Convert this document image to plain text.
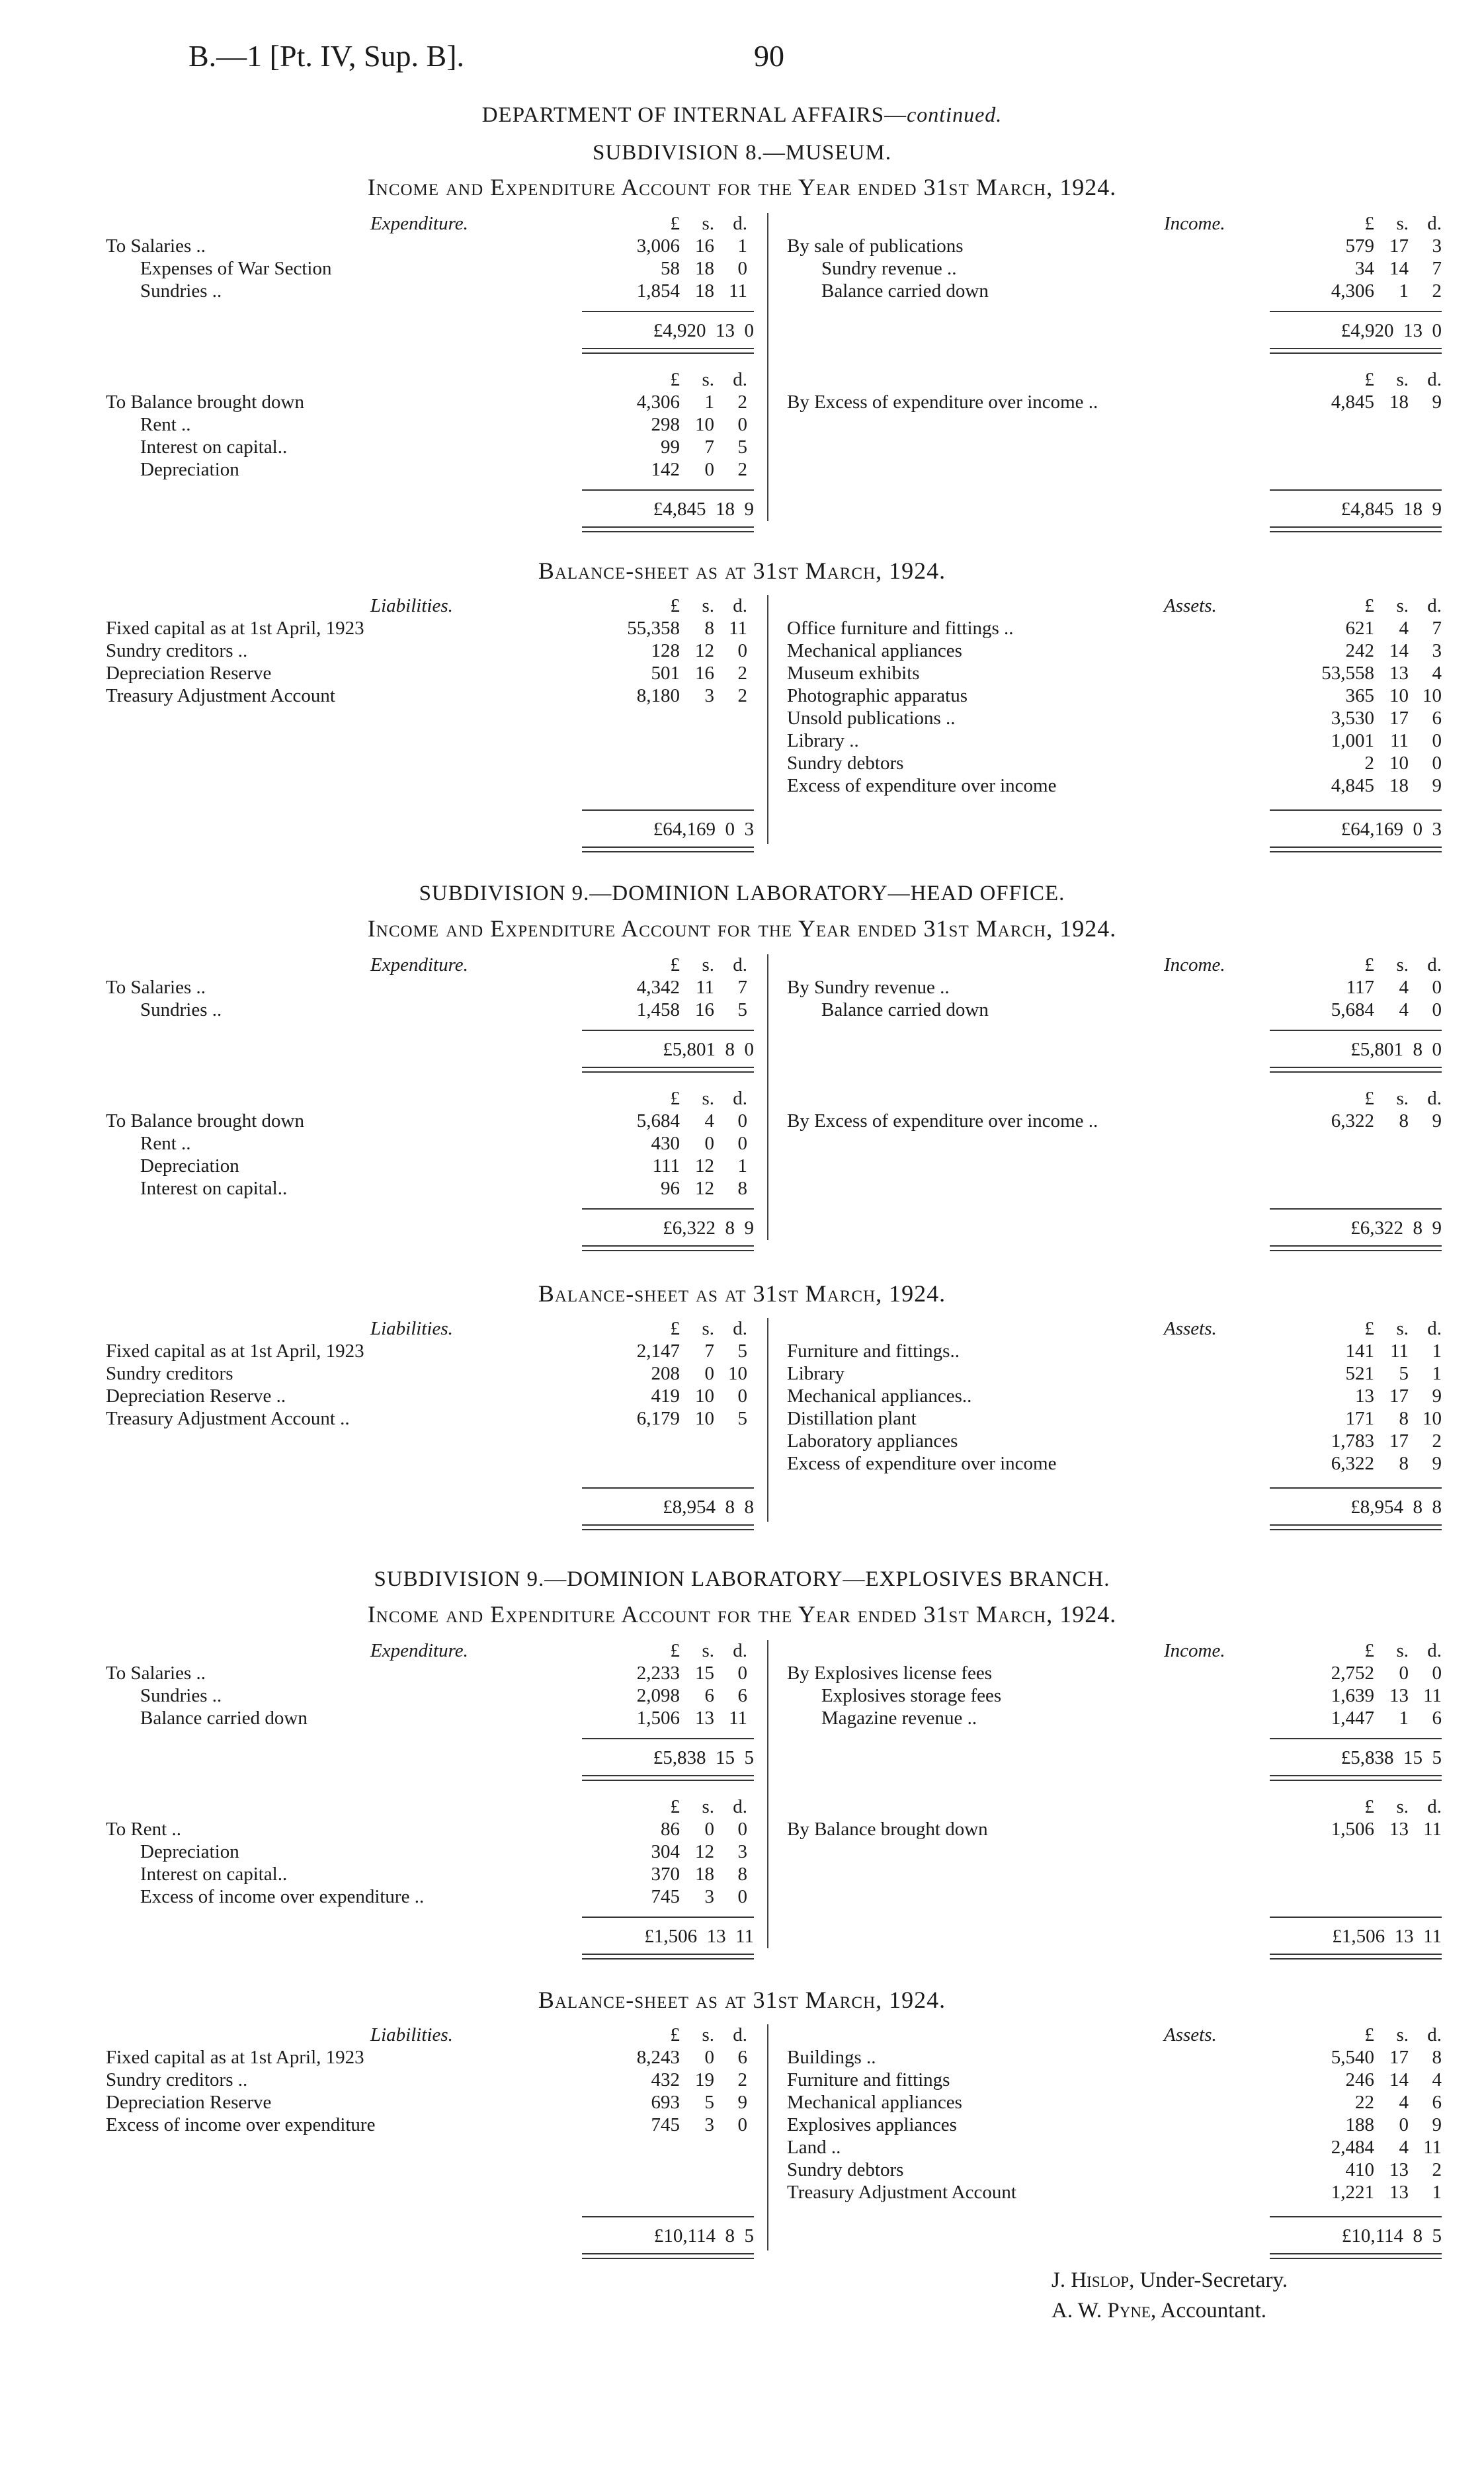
B.—1 [Pt. IV, Sup. B].	90
DEPARTMENT OF INTERNAL AFFAIRS—continued.
SUBDIVISION 8.—MUSEUM.
Income and Expenditure Account for the Year ended 31st March, 1924.
Expenditure.	£ s. d.
To Salaries ..	3,006 16 1
Expenses of War Section	58 18 0
Sundries ..	1,854 18 11
£4,920  13  0
£ s. d.
To Balance brought down	4,306 1 2
Rent ..	298 10 0
Interest on capital..	99 7 5
Depreciation	142 0 2
£4,845  18  9
Income.	£ s. d.
By sale of publications	579 17 3
Sundry revenue ..	34 14 7
Balance carried down	4,306 1 2
£4,920  13  0
£ s. d.
By Excess of expenditure over income ..	4,845 18 9
£4,845  18  9
Balance-sheet as at 31st March, 1924.
Liabilities.	£ s. d.
Fixed capital as at 1st April, 1923	55,358 8 11
Sundry creditors ..	128 12 0
Depreciation Reserve	501 16 2
Treasury Adjustment Account	8,180 3 2
£64,169  0  3
Assets.	£ s. d.
Office furniture and fittings ..	621 4 7
Mechanical appliances	242 14 3
Museum exhibits	53,558 13 4
Photographic apparatus	365 10 10
Unsold publications ..	3,530 17 6
Library ..	1,001 11 0
Sundry debtors	2 10 0
Excess of expenditure over income	4,845 18 9
£64,169  0  3
SUBDIVISION 9.—DOMINION LABORATORY—HEAD OFFICE.
Income and Expenditure Account for the Year ended 31st March, 1924.
Expenditure.	£ s. d.
To Salaries ..	4,342 11 7
Sundries ..	1,458 16 5
£5,801  8  0
£ s. d.
To Balance brought down	5,684 4 0
Rent ..	430 0 0
Depreciation	111 12 1
Interest on capital..	96 12 8
£6,322  8  9
Income.	£ s. d.
By Sundry revenue ..	117 4 0
Balance carried down	5,684 4 0
£5,801  8  0
£ s. d.
By Excess of expenditure over income ..	6,322 8 9
£6,322  8  9
Balance-sheet as at 31st March, 1924.
Liabilities.	£ s. d.
Fixed capital as at 1st April, 1923	2,147 7 5
Sundry creditors	208 0 10
Depreciation Reserve ..	419 10 0
Treasury Adjustment Account ..	6,179 10 5
£8,954  8  8
Assets.	£ s. d.
Furniture and fittings..	141 11 1
Library	521 5 1
Mechanical appliances..	13 17 9
Distillation plant	171 8 10
Laboratory appliances	1,783 17 2
Excess of expenditure over income	6,322 8 9
£8,954  8  8
SUBDIVISION 9.—DOMINION LABORATORY—EXPLOSIVES BRANCH.
Income and Expenditure Account for the Year ended 31st March, 1924.
Expenditure.	£ s. d.
To Salaries ..	2,233 15 0
Sundries ..	2,098 6 6
Balance carried down	1,506 13 11
£5,838  15  5
£ s. d.
To Rent ..	86 0 0
Depreciation	304 12 3
Interest on capital..	370 18 8
Excess of income over expenditure ..	745 3 0
£1,506  13  11
Income.	£ s. d.
By Explosives license fees	2,752 0 0
Explosives storage fees	1,639 13 11
Magazine revenue ..	1,447 1 6
£5,838  15  5
£ s. d.
By Balance brought down	1,506 13 11
£1,506  13  11
Balance-sheet as at 31st March, 1924.
Liabilities.	£ s. d.
Fixed capital as at 1st April, 1923	8,243 0 6
Sundry creditors ..	432 19 2
Depreciation Reserve	693 5 9
Excess of income over expenditure	745 3 0
£10,114  8  5
Assets.	£ s. d.
Buildings ..	5,540 17 8
Furniture and fittings	246 14 4
Mechanical appliances	22 4 6
Explosives appliances	188 0 9
Land ..	2,484 4 11
Sundry debtors	410 13 2
Treasury Adjustment Account	1,221 13 1
£10,114  8  5
J. Hislop, Under-Secretary.
A. W. Pyne, Accountant.
